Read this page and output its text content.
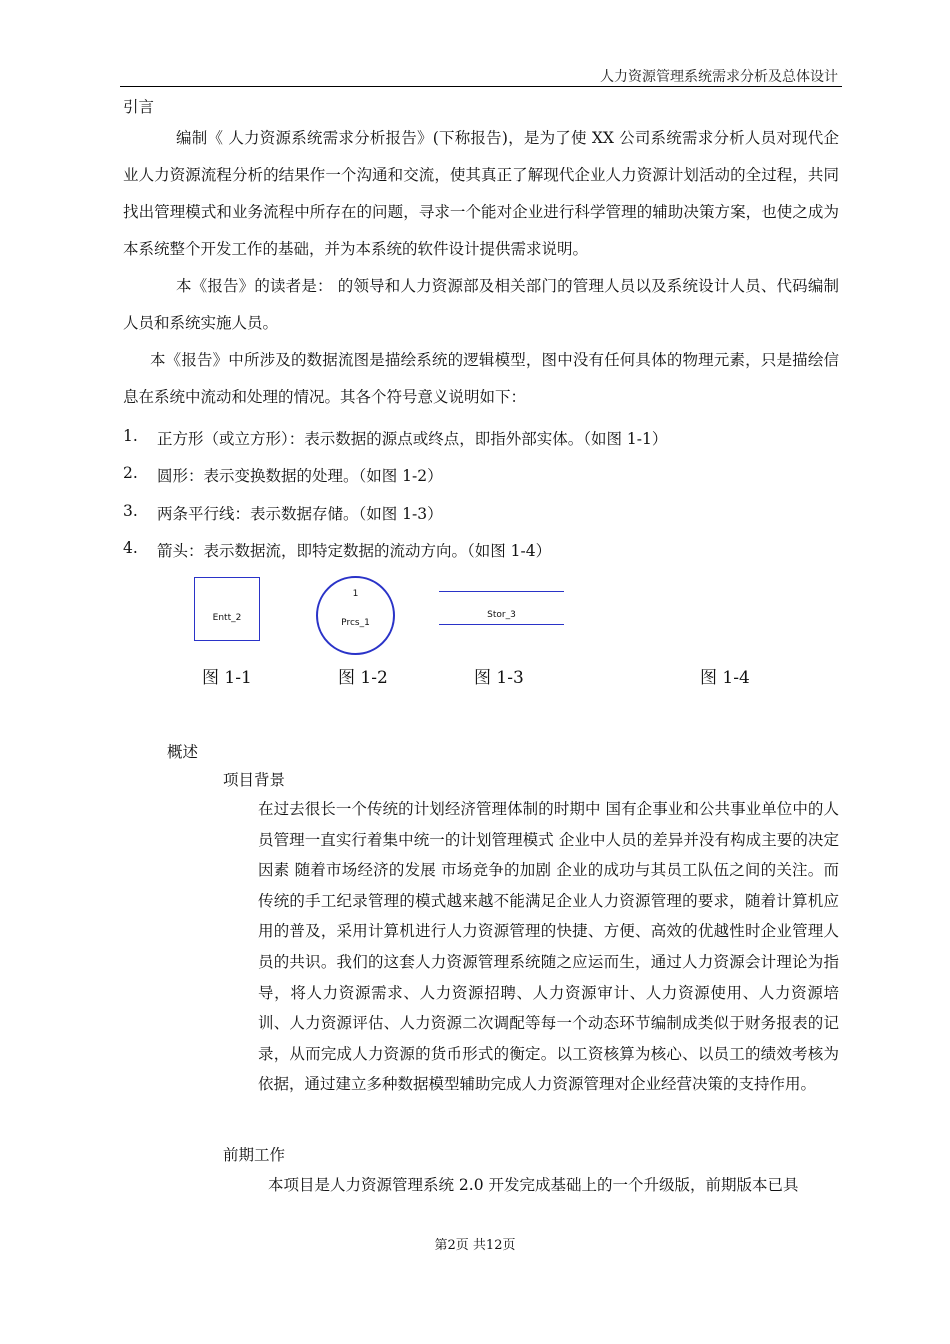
人力资源管理系统需求分析及总体设计
引言
编制《 人力资源系统需求分析报告》(下称报告)，是为了使 XX 公司系统需求分析人员对现代企业人力资源流程分析的结果作一个沟通和交流，使其真正了解现代企业人力资源计划活动的全过程，共同找出管理模式和业务流程中所存在的问题，寻求一个能对企业进行科学管理的辅助决策方案，也使之成为本系统整个开发工作的基础，并为本系统的软件设计提供需求说明。
本《报告》的读者是： 的领导和人力资源部及相关部门的管理人员以及系统设计人员、代码编制人员和系统实施人员。
本《报告》中所涉及的数据流图是描绘系统的逻辑模型，图中没有任何具体的物理元素，只是描绘信息在系统中流动和处理的情况。其各个符号意义说明如下：
1. 正方形（或立方形）：表示数据的源点或终点，即指外部实体。（如图 1-1）
2. 圆形：表示变换数据的处理。（如图 1-2）
3. 两条平行线：表示数据存储。（如图 1-3）
4. 箭头：表示数据流，即特定数据的流动方向。（如图 1-4）
Entt_2
1
Prcs_1
Stor_3
图 1-1	图 1-2	图 1-3	图 1-4
概述
项目背景
在过去很长一个传统的计划经济管理体制的时期中 国有企事业和公共事业单位中的人员管理一直实行着集中统一的计划管理模式 企业中人员的差异并没有构成主要的决定因素 随着市场经济的发展 市场竞争的加剧 企业的成功与其员工队伍之间的关注。而传统的手工纪录管理的模式越来越不能满足企业人力资源管理的要求，随着计算机应用的普及，采用计算机进行人力资源管理的快捷、方便、高效的优越性时企业管理人员的共识。我们的这套人力资源管理系统随之应运而生，通过人力资源会计理论为指导，将人力资源需求、人力资源招聘、人力资源审计、人力资源使用、人力资源培训、人力资源评估、人力资源二次调配等每一个动态环节编制成类似于财务报表的记录，从而完成人力资源的货币形式的衡定。以工资核算为核心、以员工的绩效考核为依据，通过建立多种数据模型辅助完成人力资源管理对企业经营决策的支持作用。
前期工作
本项目是人力资源管理系统 2.0 开发完成基础上的一个升级版，前期版本已具
第2页 共12页
